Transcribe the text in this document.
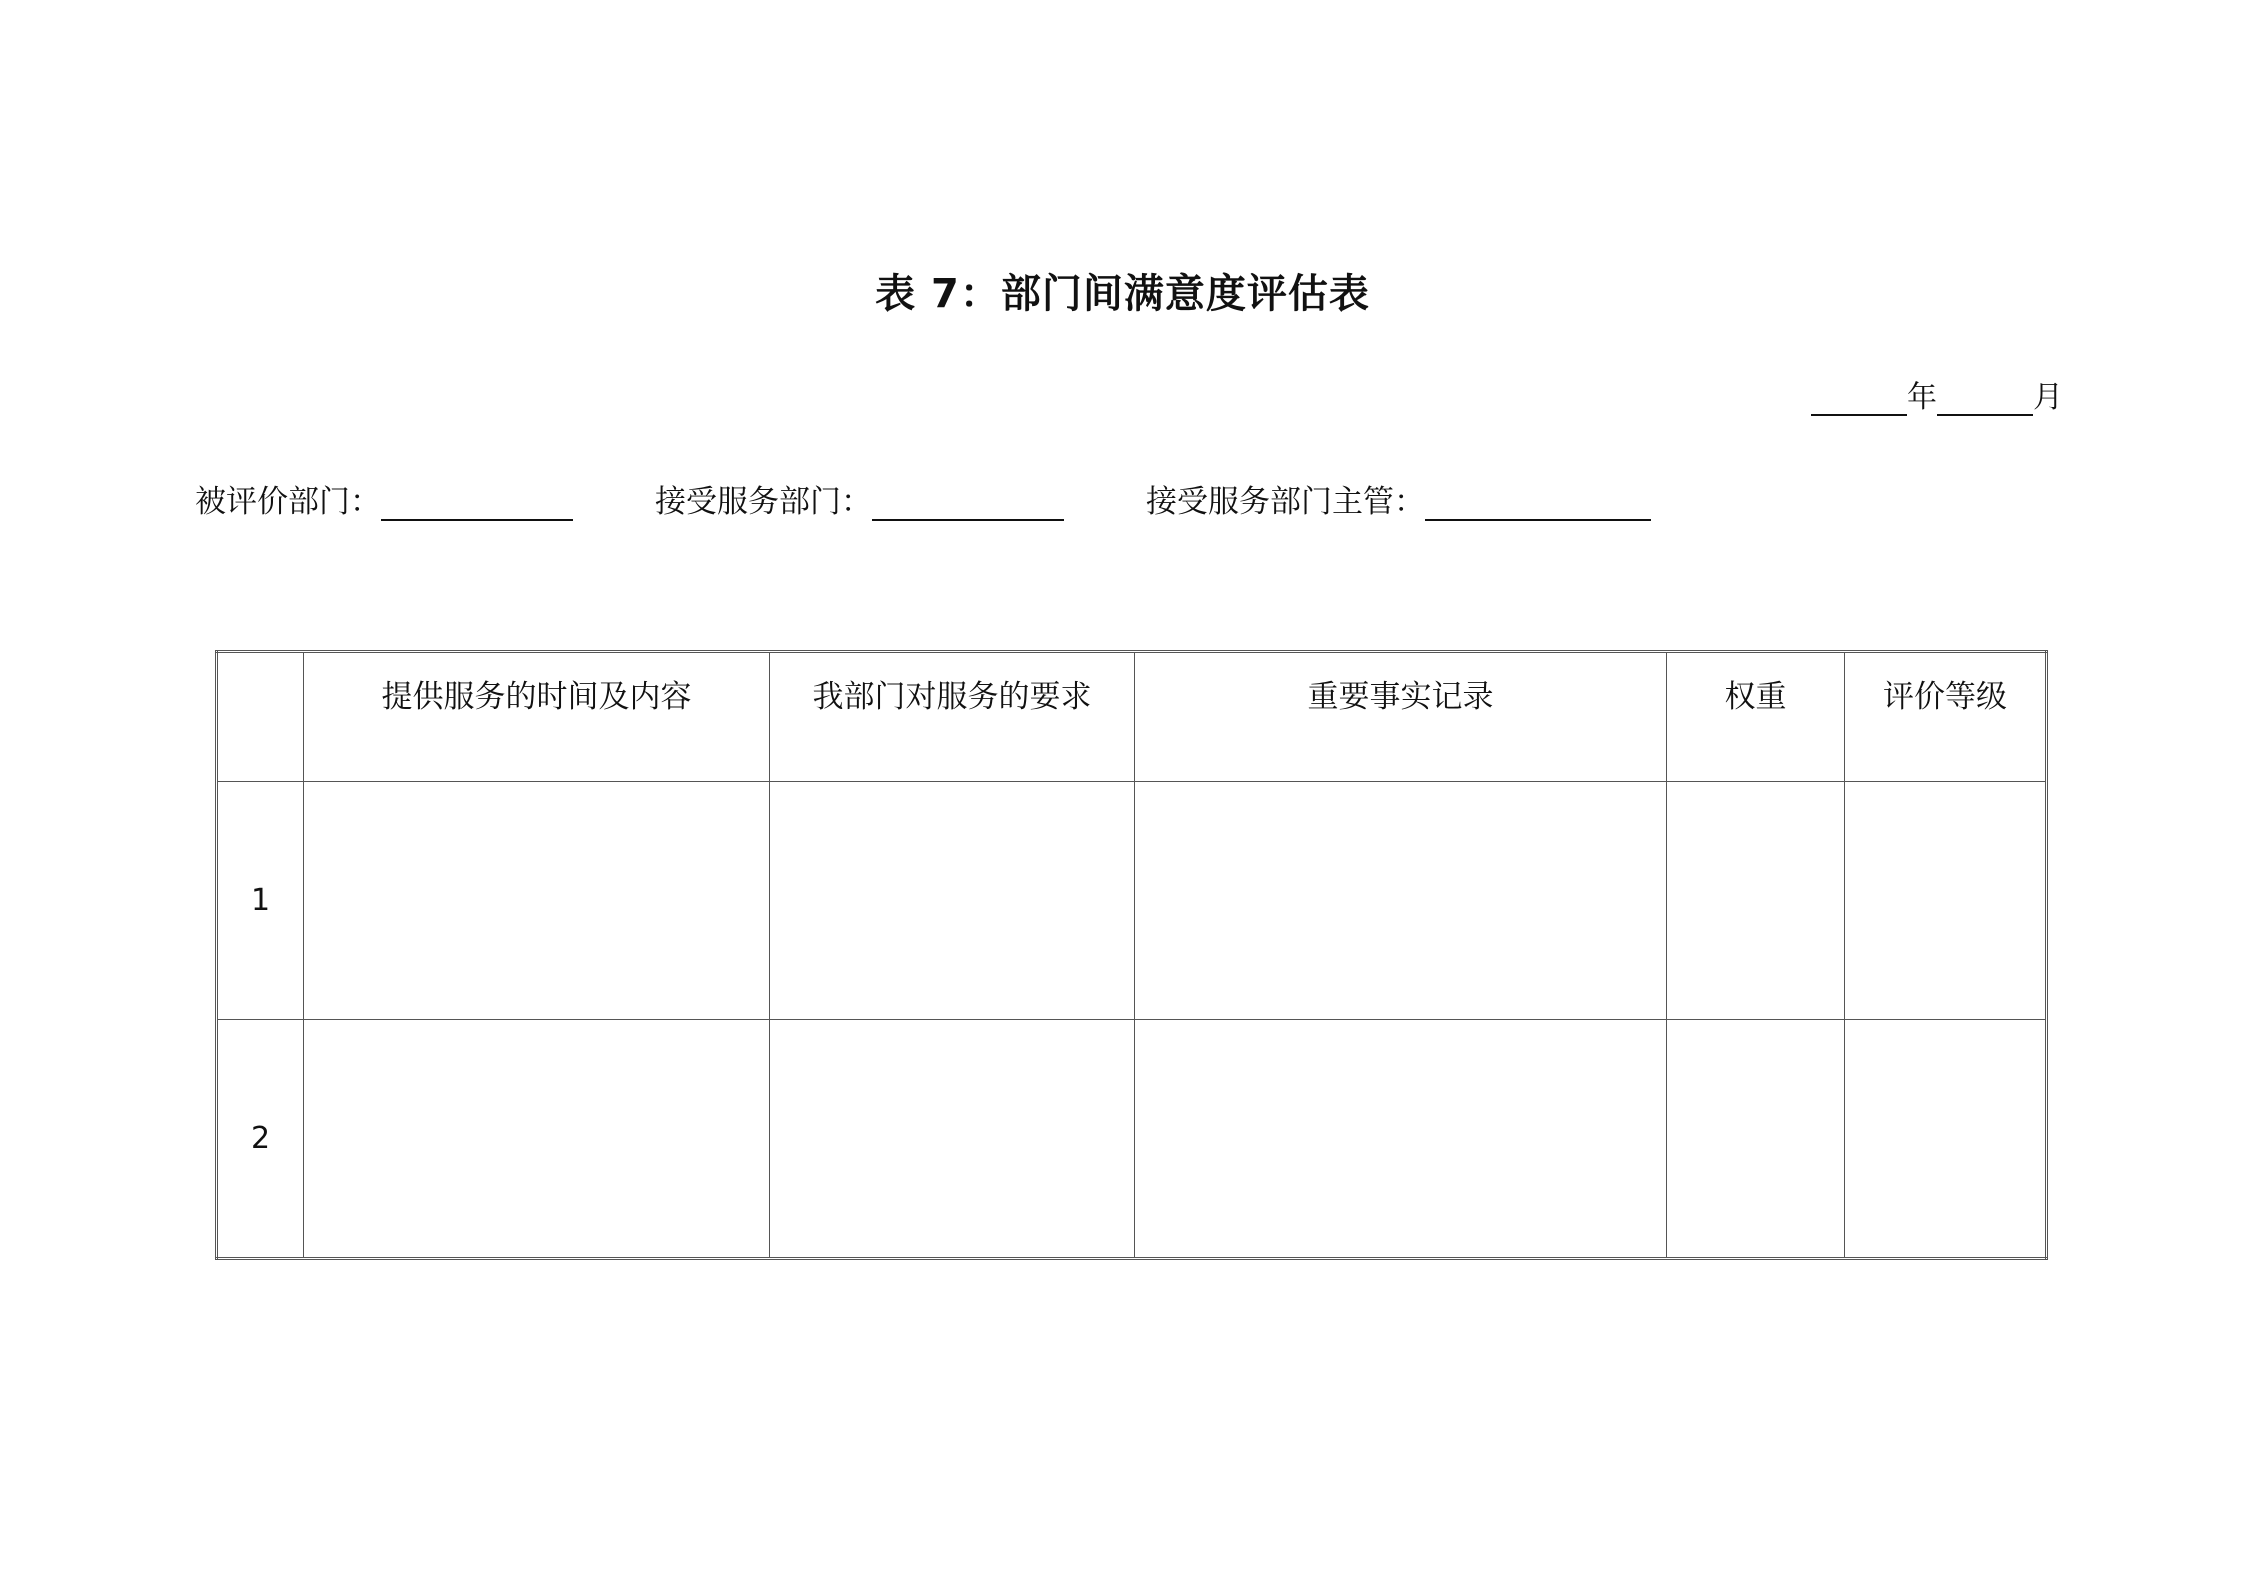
表 7：部门间满意度评估表
年	月
被评价部门：	接受服务部门：	接受服务部门主管：
	提供服务的时间及内容	我部门对服务的要求	重要事实记录	权重	评价等级
1					
2					
